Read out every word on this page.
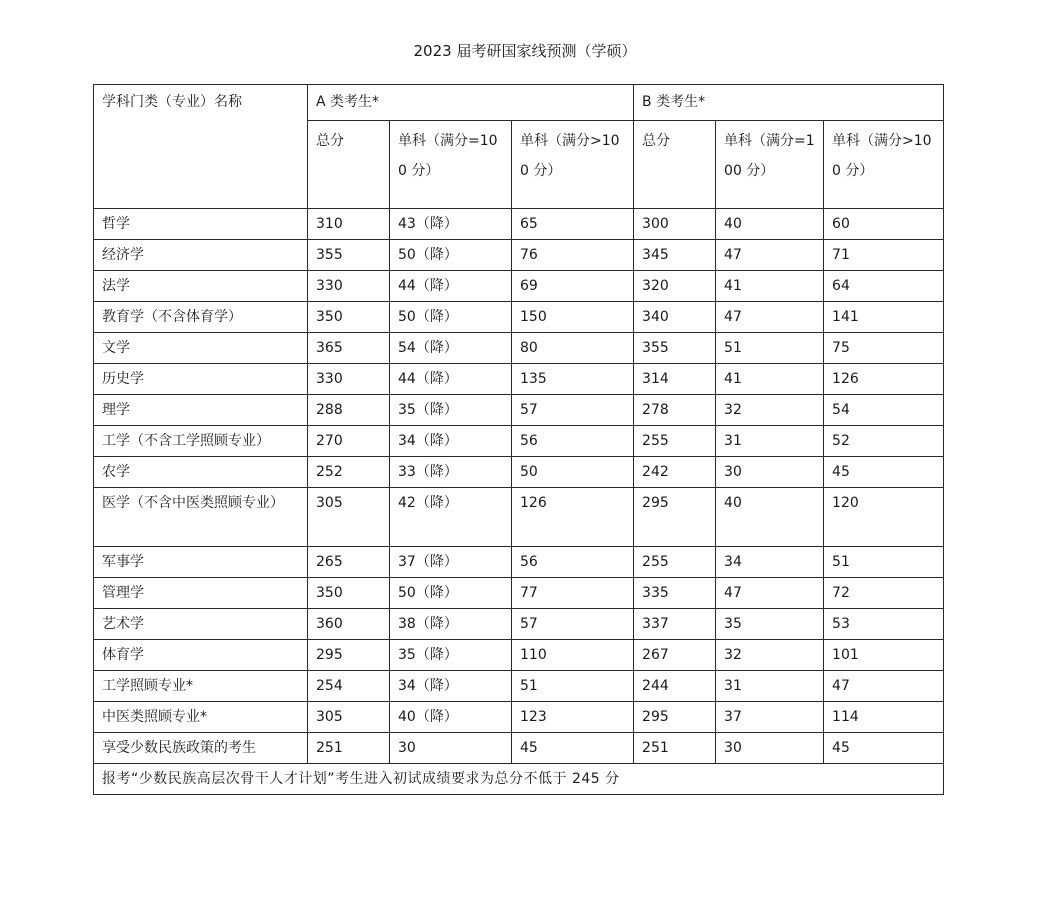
2023 届考研国家线预测（学硕）
学科门类（专业）名称	A 类考生*			B 类考生*		
	总分	单科（满分=100 分）	单科（满分>100 分）	总分	单科（满分=100 分）	单科（满分>100 分）
哲学	310	43（降）	65	300	40	60
经济学	355	50（降）	76	345	47	71
法学	330	44（降）	69	320	41	64
教育学（不含体育学）	350	50（降）	150	340	47	141
文学	365	54（降）	80	355	51	75
历史学	330	44（降）	135	314	41	126
理学	288	35（降）	57	278	32	54
工学（不含工学照顾专业）	270	34（降）	56	255	31	52
农学	252	33（降）	50	242	30	45
医学（不含中医类照顾专业）	305	42（降）	126	295	40	120
军事学	265	37（降）	56	255	34	51
管理学	350	50（降）	77	335	47	72
艺术学	360	38（降）	57	337	35	53
体育学	295	35（降）	110	267	32	101
工学照顾专业*	254	34（降）	51	244	31	47
中医类照顾专业*	305	40（降）	123	295	37	114
享受少数民族政策的考生	251	30	45	251	30	45
报考“少数民族高层次骨干人才计划”考生进入初试成绩要求为总分不低于 245 分						
